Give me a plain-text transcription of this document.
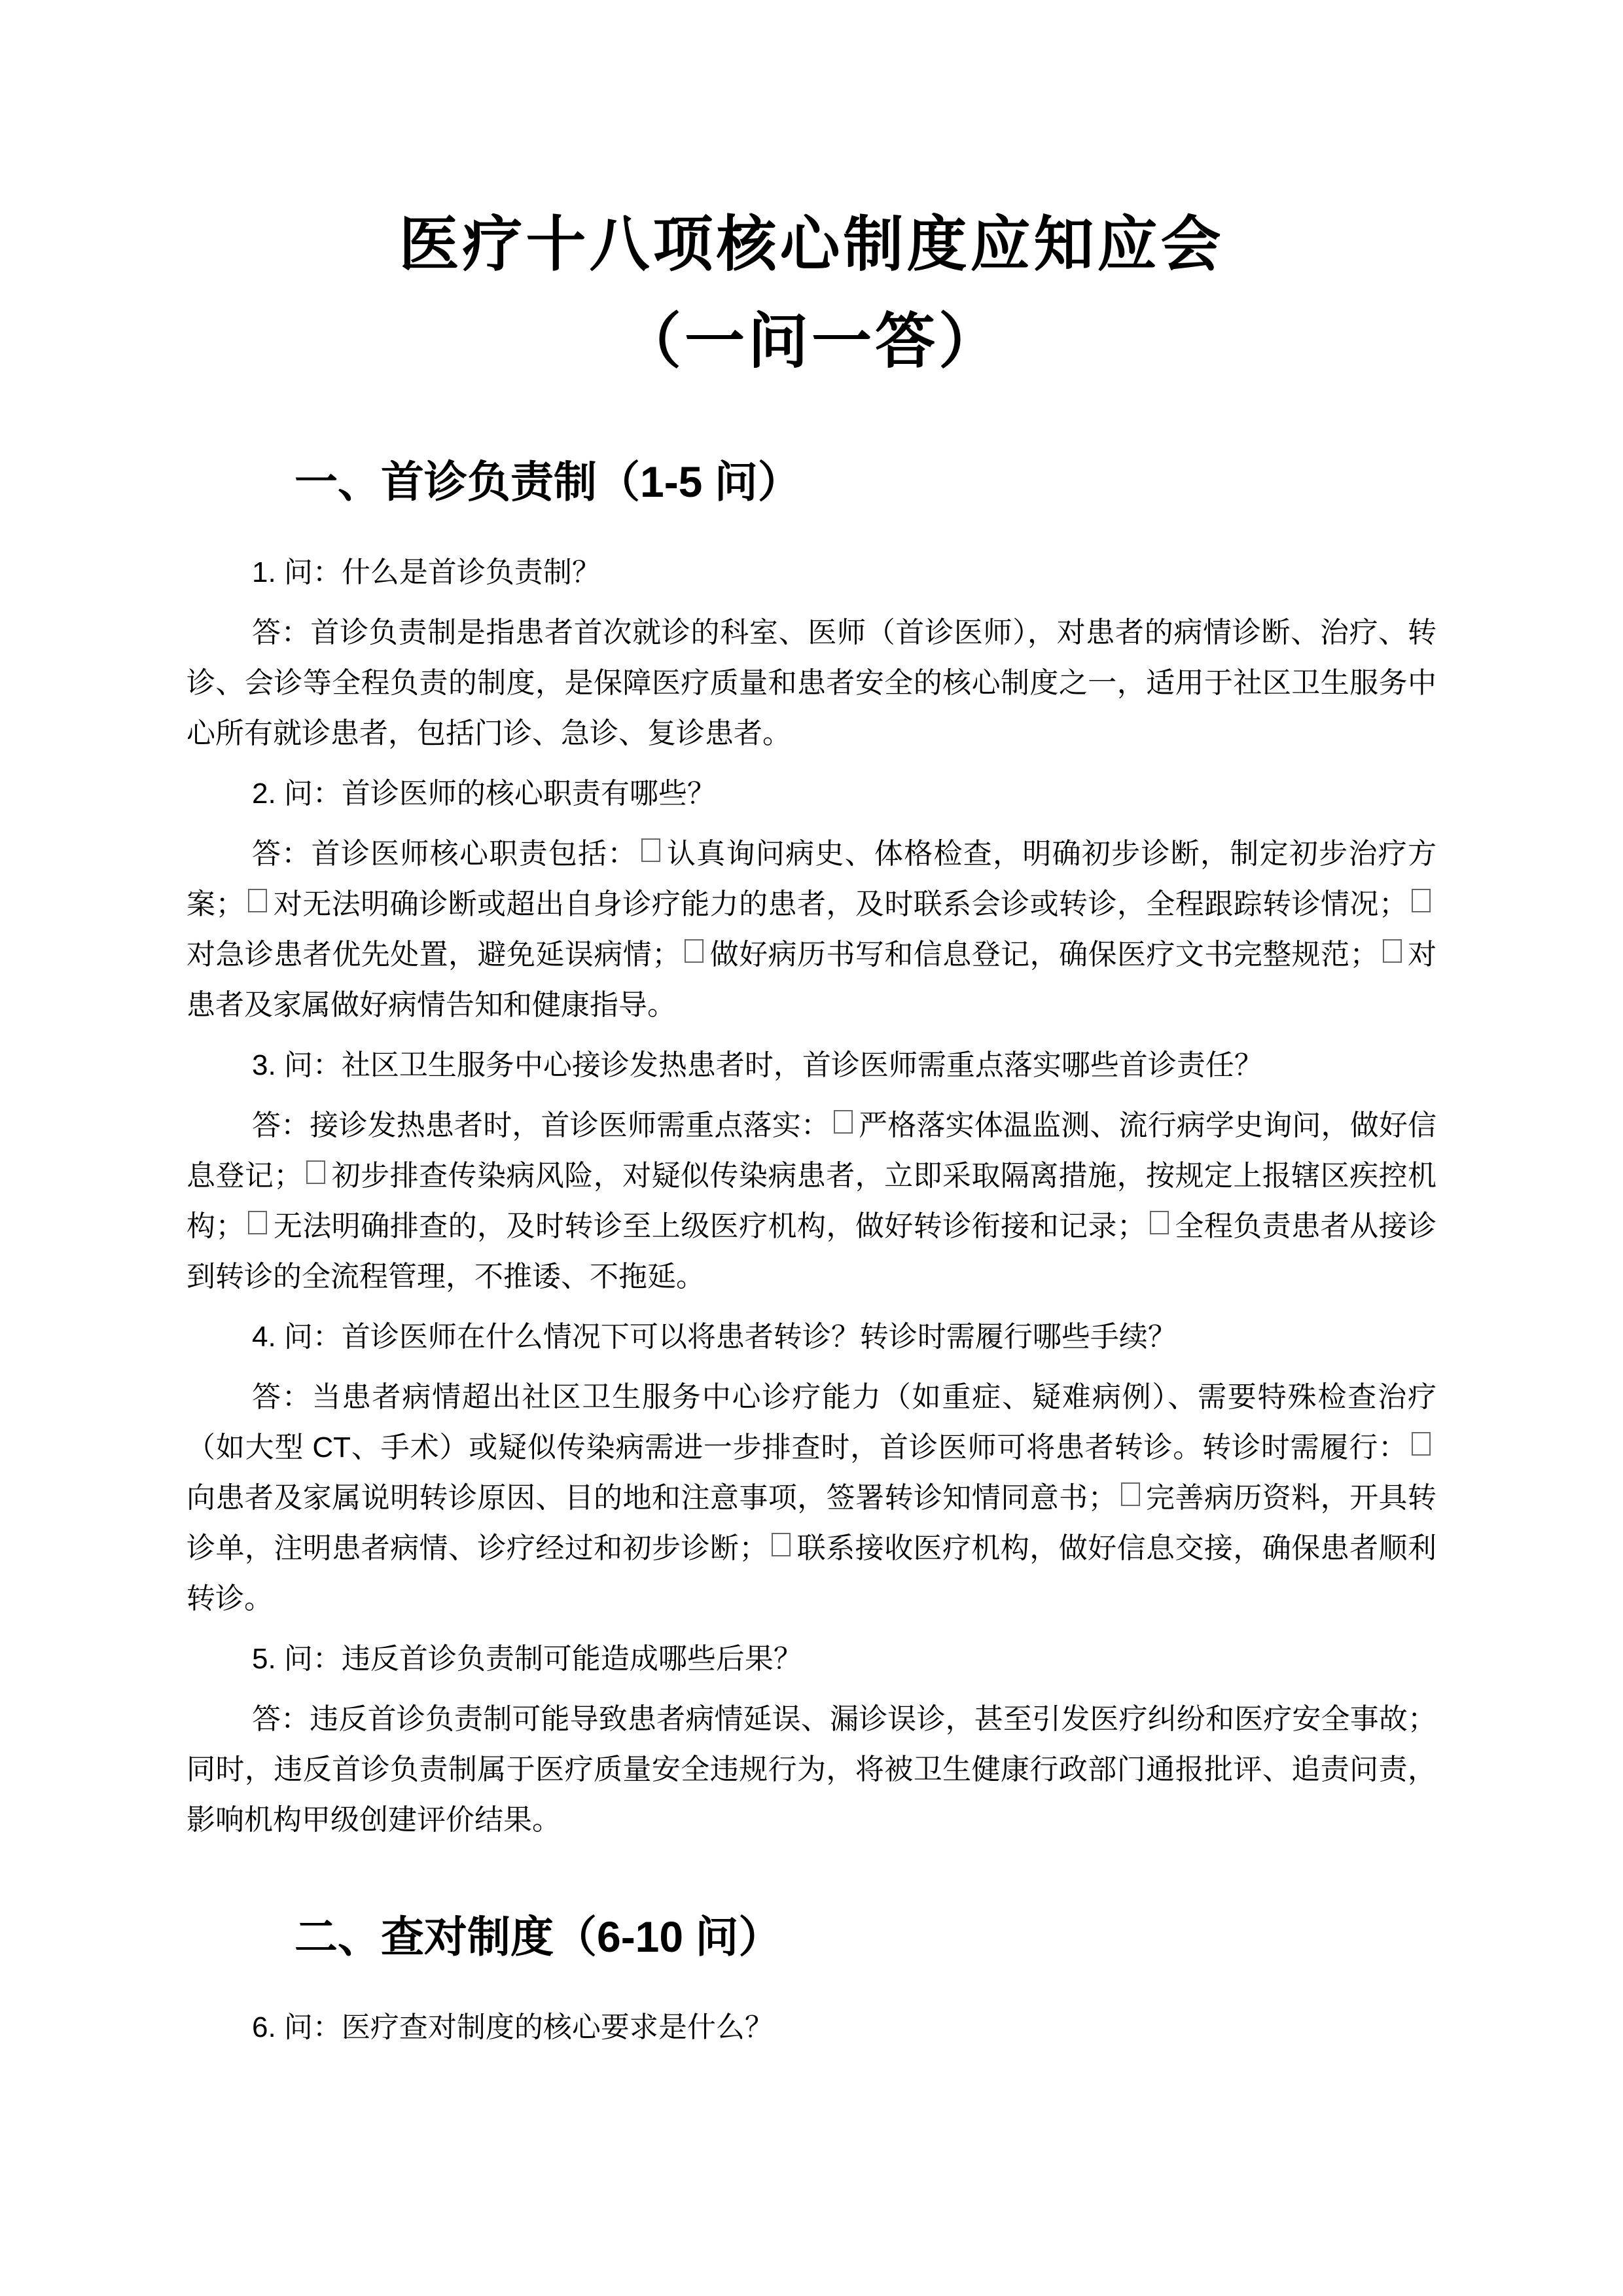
医疗十八项核心制度应知应会
（一问一答）
一、首诊负责制（1-5 问）

1. 问：什么是首诊负责制？

答：首诊负责制是指患者首次就诊的科室、医师（首诊医师），对患者的病情诊断、治疗、转诊、会诊等全程负责的制度，是保障医疗质量和患者安全的核心制度之一，适用于社区卫生服务中心所有就诊患者，包括门诊、急诊、复诊患者。

2. 问：首诊医师的核心职责有哪些？

答：首诊医师核心职责包括： 认真询问病史、体格检查，明确初步诊断，制定初步治疗方案； 对无法明确诊断或超出自身诊疗能力的患者，及时联系会诊或转诊，全程跟踪转诊情况；对急诊患者优先处置，避免延误病情； 做好病历书写和信息登记，确保医疗文书完整规范； 对患者及家属做好病情告知和健康指导。

3. 问：社区卫生服务中心接诊发热患者时，首诊医师需重点落实哪些首诊责任？

答：接诊发热患者时，首诊医师需重点落实： 严格落实体温监测、流行病学史询问，做好信息登记； 初步排查传染病风险，对疑似传染病患者，立即采取隔离措施，按规定上报辖区疾控机构； 无法明确排查的，及时转诊至上级医疗机构，做好转诊衔接和记录； 全程负责患者从接诊到转诊的全流程管理，不推诿、不拖延。

4. 问：首诊医师在什么情况下可以将患者转诊？转诊时需履行哪些手续？

答：当患者病情超出社区卫生服务中心诊疗能力（如重症、疑难病例）、需要特殊检查治疗（如大型 CT、手术）或疑似传染病需进一步排查时，首诊医师可将患者转诊。转诊时需履行：向患者及家属说明转诊原因、目的地和注意事项，签署转诊知情同意书； 完善病历资料，开具转诊单，注明患者病情、诊疗经过和初步诊断； 联系接收医疗机构，做好信息交接，确保患者顺利转诊。

5. 问：违反首诊负责制可能造成哪些后果？

答：违反首诊负责制可能导致患者病情延误、漏诊误诊，甚至引发医疗纠纷和医疗安全事故；同时，违反首诊负责制属于医疗质量安全违规行为，将被卫生健康行政部门通报批评、追责问责，影响机构甲级创建评价结果。

二、查对制度（6-10 问）

6. 问：医疗查对制度的核心要求是什么？
